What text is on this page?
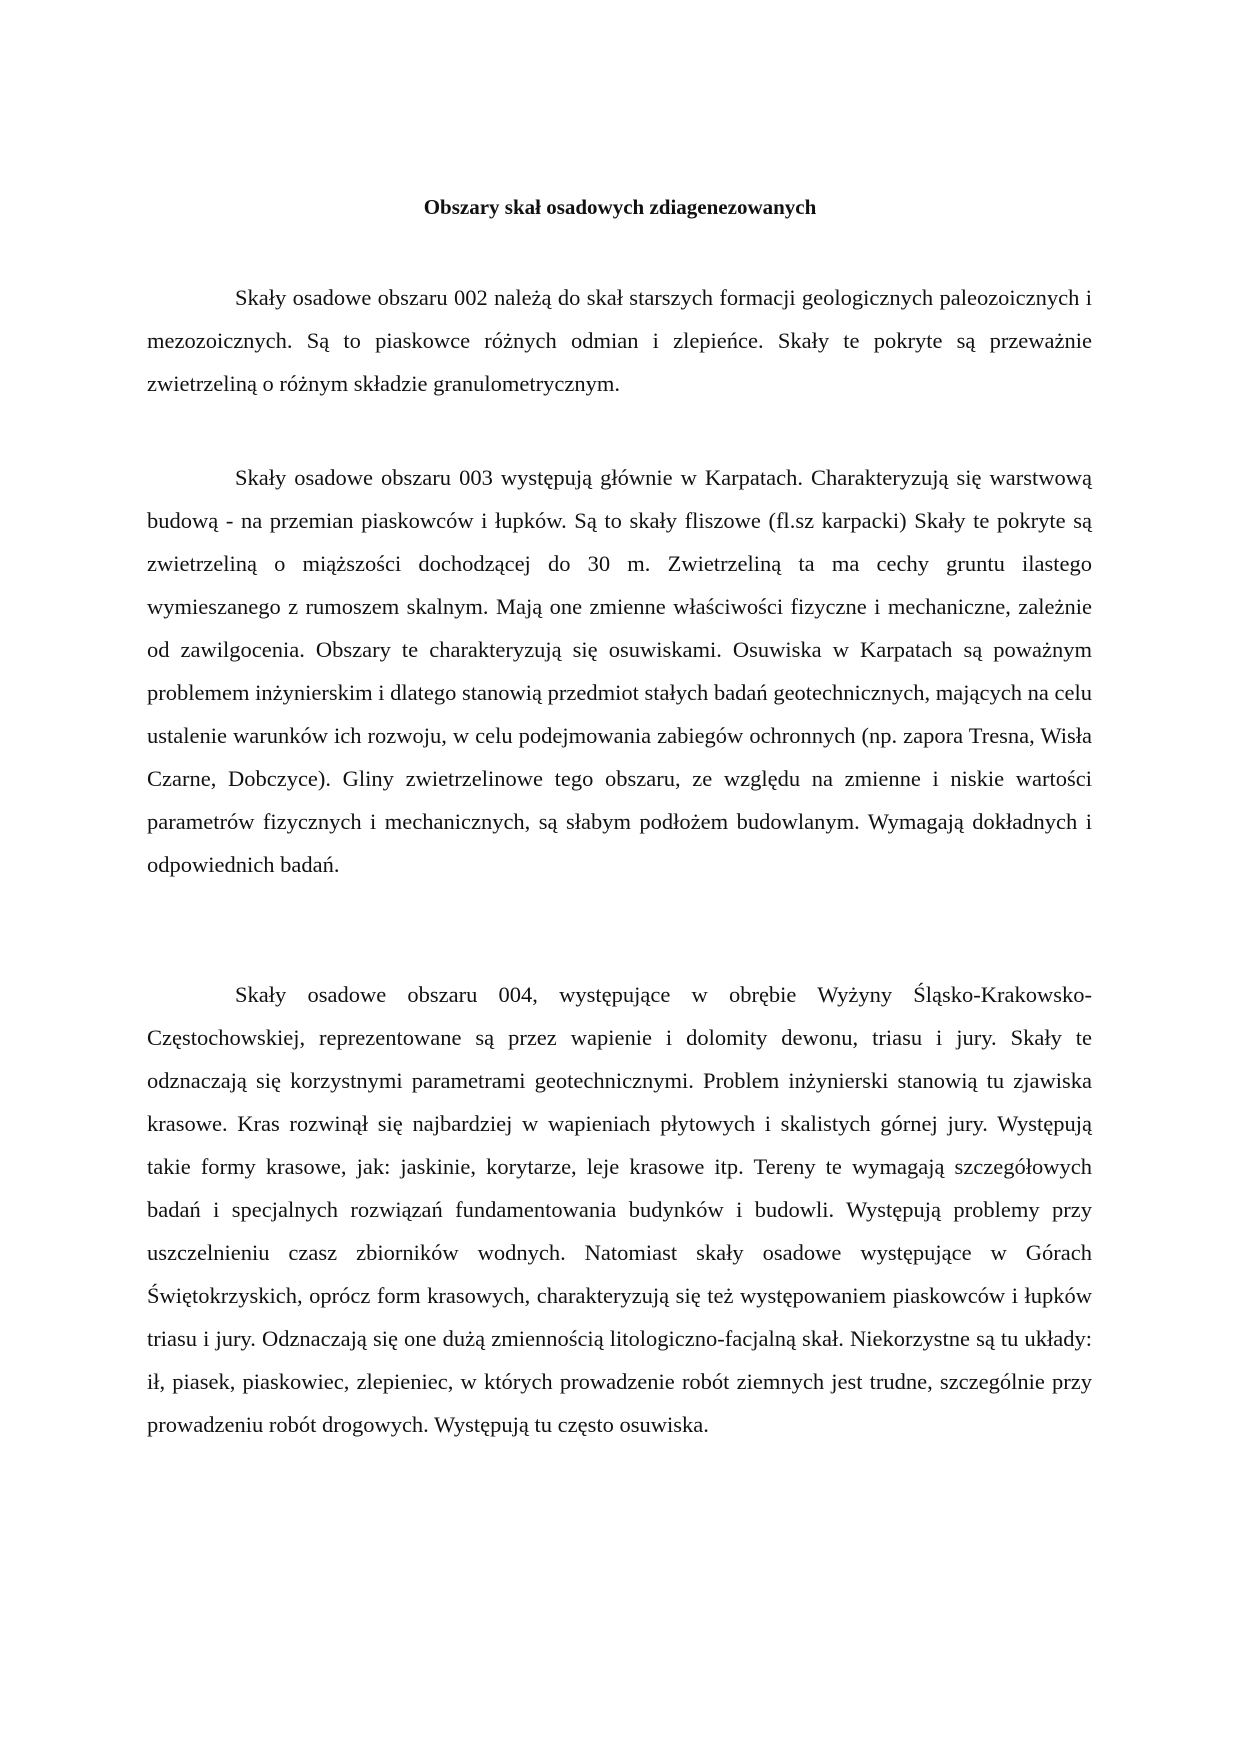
Obszary skał osadowych zdiagenezowanych

Skały osadowe obszaru 002 należą do skał starszych formacji geologicznych paleozoicznych i mezozoicznych. Są to piaskowce różnych odmian i zlepieńce. Skały te pokryte są przeważnie zwietrzeliną o różnym składzie granulometrycznym.

Skały osadowe obszaru 003 występują głównie w Karpatach. Charakteryzują się warstwową budową - na przemian piaskowców i łupków. Są to skały fliszowe (fl.sz karpacki) Skały te pokryte są zwietrzeliną o miąższości dochodzącej do 30 m. Zwietrzeliną ta ma cechy gruntu ilastego wymieszanego z rumoszem skalnym. Mają one zmienne właściwości fizyczne i mechaniczne, zależnie od zawilgocenia. Obszary te charakteryzują się osuwiskami. Osuwiska w Karpatach są poważnym problemem inżynierskim i dlatego stanowią przedmiot stałych badań geotechnicznych, mających na celu ustalenie warunków ich rozwoju, w celu podejmowania zabiegów ochronnych (np. zapora Tresna, Wisła Czarne, Dobczyce). Gliny zwietrzelinowe tego obszaru, ze względu na zmienne i niskie wartości parametrów fizycznych i mechanicznych, są słabym podłożem budowlanym. Wymagają dokładnych i odpowiednich badań.

Skały osadowe obszaru 004, występujące w obrębie Wyżyny Śląsko-Krakowsko-Częstochowskiej, reprezentowane są przez wapienie i dolomity dewonu, triasu i jury. Skały te odznaczają się korzystnymi parametrami geotechnicznymi. Problem inżynierski stanowią tu zjawiska krasowe. Kras rozwinął się najbardziej w wapieniach płytowych i skalistych górnej jury. Występują takie formy krasowe, jak: jaskinie, korytarze, leje krasowe itp. Tereny te wymagają szczegółowych badań i specjalnych rozwiązań fundamentowania budynków i budowli. Występują problemy przy uszczelnieniu czasz zbiorników wodnych. Natomiast skały osadowe występujące w Górach Świętokrzyskich, oprócz form krasowych, charakteryzują się też występowaniem piaskowców i łupków triasu i jury. Odznaczają się one dużą zmiennością litologiczno-facjalną skał. Niekorzystne są tu układy: ił, piasek, piaskowiec, zlepieniec, w których prowadzenie robót ziemnych jest trudne, szczególnie przy prowadzeniu robót drogowych. Występują tu często osuwiska.
